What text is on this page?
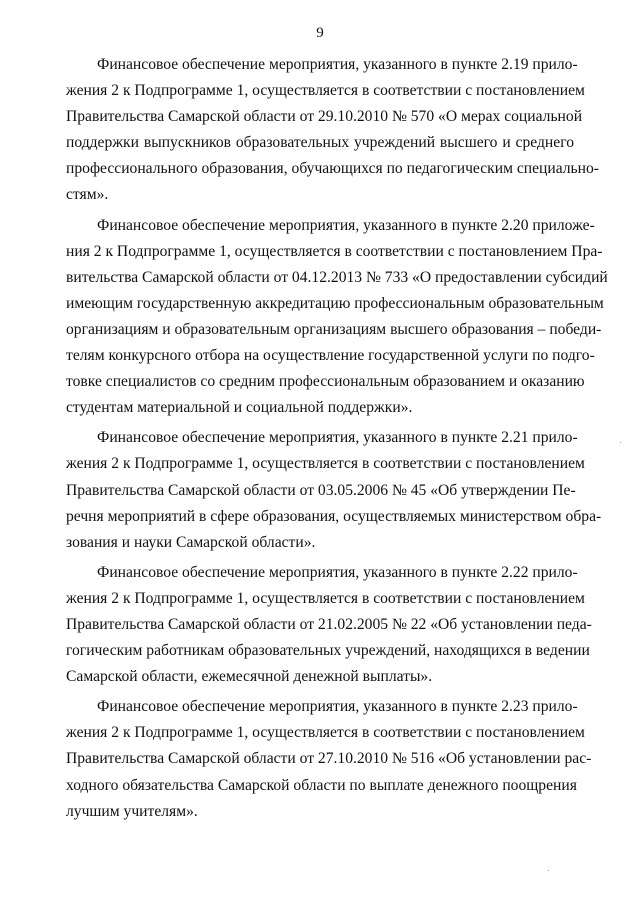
9

Финансовое обеспечение мероприятия, указанного в пункте 2.19 прило-
жения 2 к Подпрограмме 1, осуществляется в соответствии с постановлением
Правительства Самарской области от 29.10.2010 № 570 «О мерах социальной
поддержки выпускников образовательных учреждений высшего и среднего
профессионального образования, обучающихся по педагогическим специально-
стям».

Финансовое обеспечение мероприятия, указанного в пункте 2.20 приложе-
ния 2 к Подпрограмме 1, осуществляется в соответствии с постановлением Пра-
вительства Самарской области от 04.12.2013 № 733 «О предоставлении субсидий
имеющим государственную аккредитацию профессиональным образовательным
организациям и образовательным организациям высшего образования – победи-
телям конкурсного отбора на осуществление государственной услуги по подго-
товке специалистов со средним профессиональным образованием и оказанию
студентам материальной и социальной поддержки».

Финансовое обеспечение мероприятия, указанного в пункте 2.21 прило-
жения 2 к Подпрограмме 1, осуществляется в соответствии с постановлением
Правительства Самарской области от 03.05.2006 № 45 «Об утверждении Пе-
речня мероприятий в сфере образования, осуществляемых министерством обра-
зования и науки Самарской области».

Финансовое обеспечение мероприятия, указанного в пункте 2.22 прило-
жения 2 к Подпрограмме 1, осуществляется в соответствии с постановлением
Правительства Самарской области от 21.02.2005 № 22 «Об установлении педа-
гогическим работникам образовательных учреждений, находящихся в ведении
Самарской области, ежемесячной денежной выплаты».

Финансовое обеспечение мероприятия, указанного в пункте 2.23 прило-
жения 2 к Подпрограмме 1, осуществляется в соответствии с постановлением
Правительства Самарской области от 27.10.2010 № 516 «Об установлении рас-
ходного обязательства Самарской области по выплате денежного поощрения
лучшим учителям».
